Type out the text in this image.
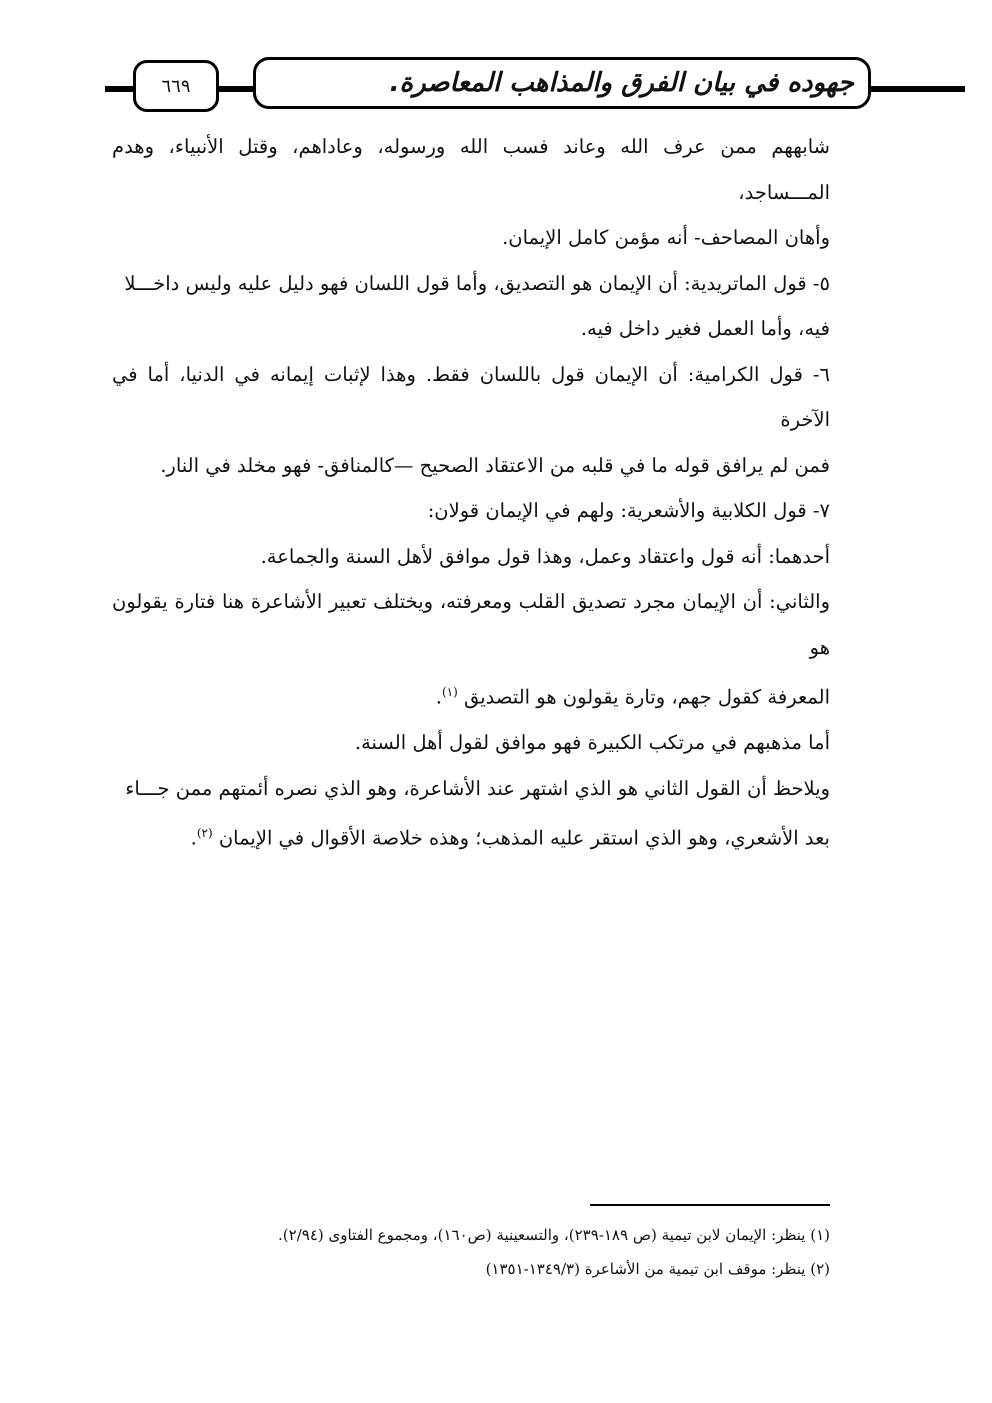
٦٦٩	جهوده في بيان الفرق والمذاهب المعاصرة.

شابههم ممن عرف الله وعاند فسب الله ورسوله، وعاداهم، وقتل الأنبياء، وهدم المـــساجد،
وأهان المصاحف- أنه مؤمن كامل الإيمان.

٥- قول الماتريدية: أن الإيمان هو التصديق، وأما قول اللسان فهو دليل عليه وليس داخـــلا
فيه، وأما العمل فغير داخل فيه.

٦- قول الكرامية: أن الإيمان قول باللسان فقط. وهذا لإثبات إيمانه في الدنيا، أما في الآخرة
فمن لم يرافق قوله ما في قلبه من الاعتقاد الصحيح —كالمنافق- فهو مخلد في النار.

٧- قول الكلابية والأشعرية: ولهم في الإيمان قولان:

أحدهما: أنه قول واعتقاد وعمل، وهذا قول موافق لأهل السنة والجماعة.

والثاني: أن الإيمان مجرد تصديق القلب ومعرفته، ويختلف تعبير الأشاعرة هنا فتارة يقولون هو
المعرفة كقول جهم، وتارة يقولون هو التصديق $^{(١)}$.

أما مذهبهم في مرتكب الكبيرة فهو موافق لقول أهل السنة.

ويلاحظ أن القول الثاني هو الذي اشتهر عند الأشاعرة، وهو الذي نصره أئمتهم ممن جـــاء
بعد الأشعري، وهو الذي استقر عليه المذهب؛ وهذه خلاصة الأقوال في الإيمان $^{(٢)}$.

(١) ينظر: الإيمان لابن تيمية (ص ١٨٩-٢٣٩)، والتسعينية (ص١٦٠)، ومجموع الفتاوى (٢/٩٤).

(٢) ينظر: موقف ابن تيمية من الأشاعرة (١٣٤٩/٣-١٣٥١)
